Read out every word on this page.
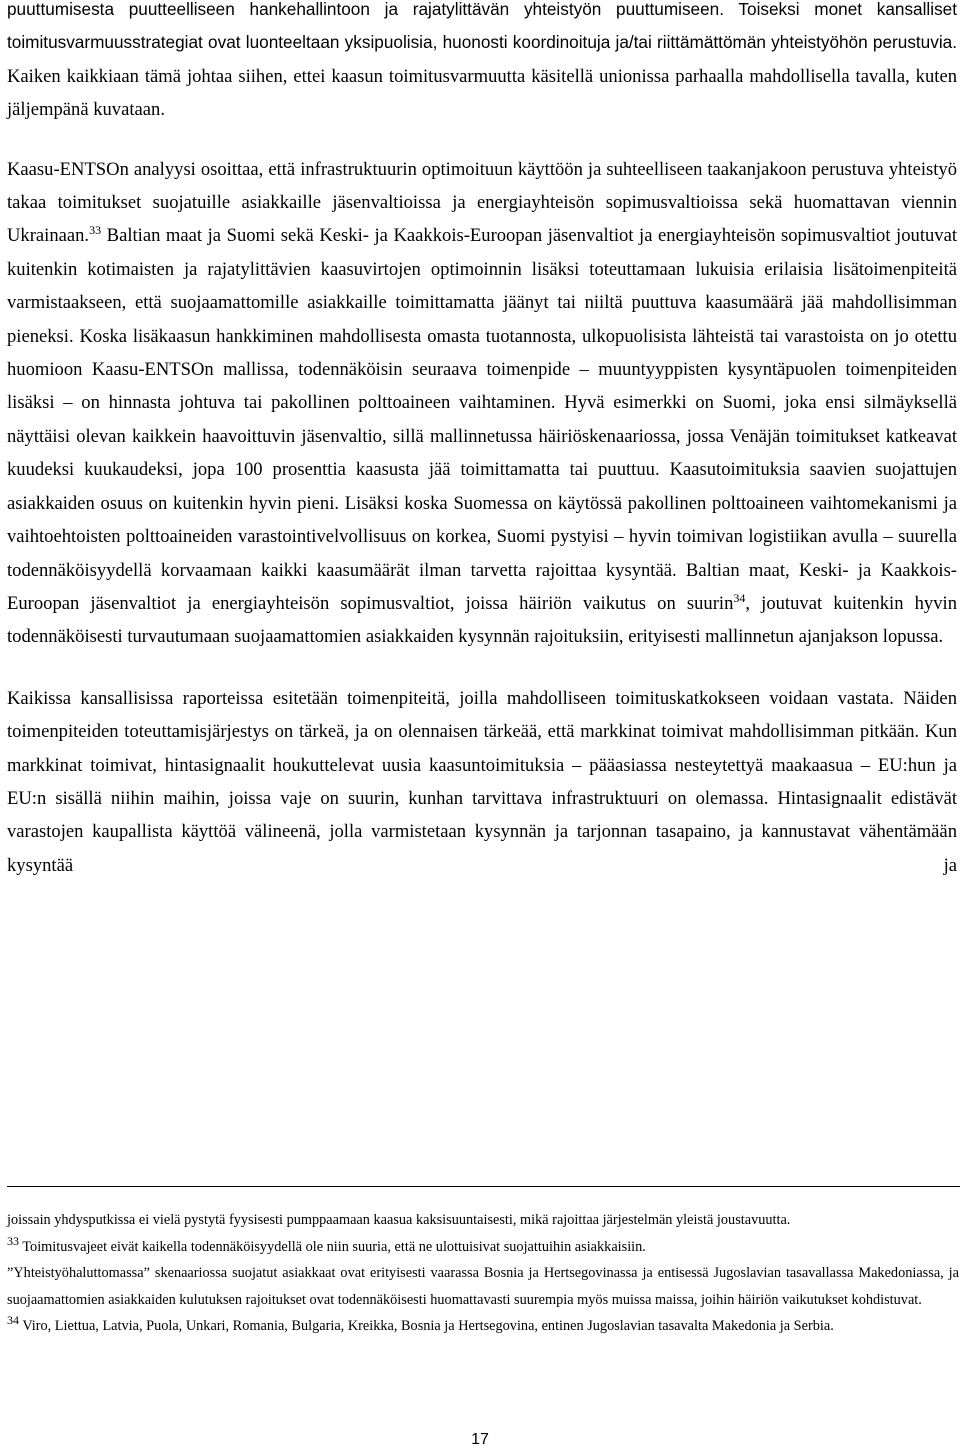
puuttumisesta puutteelliseen hankehallintoon ja rajatylittävän yhteistyön puuttumiseen. Toiseksi monet kansalliset toimitusvarmuusstrategiat ovat luonteeltaan yksipuolisia, huonosti koordinoituja ja/tai riittämättömän yhteistyöhön perustuvia. Kaiken kaikkiaan tämä johtaa siihen, ettei kaasun toimitusvarmuutta käsitellä unionissa parhaalla mahdollisella tavalla, kuten jäljempänä kuvataan.

Kaasu-ENTSOn analyysi osoittaa, että infrastruktuurin optimoituun käyttöön ja suhteelliseen taakanjakoon perustuva yhteistyö takaa toimitukset suojatuille asiakkaille jäsenvaltioissa ja energiayhteisön sopimusvaltioissa sekä huomattavan viennin Ukrainaan.$^{33}$ Baltian maat ja Suomi sekä Keski- ja Kaakkois-Euroopan jäsenvaltiot ja energiayhteisön sopimusvaltiot joutuvat kuitenkin kotimaisten ja rajatylittävien kaasuvirtojen optimoinnin lisäksi toteuttamaan lukuisia erilaisia lisätoimenpiteitä varmistaakseen, että suojaamattomille asiakkaille toimittamatta jäänyt tai niiltä puuttuva kaasumäärä jää mahdollisimman pieneksi. Koska lisäkaasun hankkiminen mahdollisesta omasta tuotannosta, ulkopuolisista lähteistä tai varastoista on jo otettu huomioon Kaasu-ENTSOn mallissa, todennäköisin seuraava toimenpide – muuntyyppisten kysyntäpuolen toimenpiteiden lisäksi – on hinnasta johtuva tai pakollinen polttoaineen vaihtaminen. Hyvä esimerkki on Suomi, joka ensi silmäyksellä näyttäisi olevan kaikkein haavoittuvin jäsenvaltio, sillä mallinnetussa häiriöskenaariossa, jossa Venäjän toimitukset katkeavat kuudeksi kuukaudeksi, jopa 100 prosenttia kaasusta jää toimittamatta tai puuttuu. Kaasutoimituksia saavien suojattujen asiakkaiden osuus on kuitenkin hyvin pieni. Lisäksi koska Suomessa on käytössä pakollinen polttoaineen vaihtomekanismi ja vaihtoehtoisten polttoaineiden varastointivelvollisuus on korkea, Suomi pystyisi – hyvin toimivan logistiikan avulla – suurella todennäköisyydellä korvaamaan kaikki kaasumäärät ilman tarvetta rajoittaa kysyntää. Baltian maat, Keski- ja Kaakkois-Euroopan jäsenvaltiot ja energiayhteisön sopimusvaltiot, joissa häiriön vaikutus on suurin$^{34}$, joutuvat kuitenkin hyvin todennäköisesti turvautumaan suojaamattomien asiakkaiden kysynnän rajoituksiin, erityisesti mallinnetun ajanjakson lopussa.

Kaikissa kansallisissa raporteissa esitetään toimenpiteitä, joilla mahdolliseen toimituskatkokseen voidaan vastata. Näiden toimenpiteiden toteuttamisjärjestys on tärkeä, ja on olennaisen tärkeää, että markkinat toimivat mahdollisimman pitkään. Kun markkinat toimivat, hintasignaalit houkuttelevat uusia kaasuntoimituksia – pääasiassa nesteytettyä maakaasua – EU:hun ja EU:n sisällä niihin maihin, joissa vaje on suurin, kunhan tarvittava infrastruktuuri on olemassa. Hintasignaalit edistävät varastojen kaupallista käyttöä välineenä, jolla varmistetaan kysynnän ja tarjonnan tasapaino, ja kannustavat vähentämään kysyntää ja

joissain yhdysputkissa ei vielä pystytä fyysisesti pumppaamaan kaasua kaksisuuntaisesti, mikä rajoittaa järjestelmän yleistä joustavuutta.

$^{33}$ Toimitusvajeet eivät kaikella todennäköisyydellä ole niin suuria, että ne ulottuisivat suojattuihin asiakkaisiin.

”Yhteistyöhaluttomassa” skenaariossa suojatut asiakkaat ovat erityisesti vaarassa Bosnia ja Hertsegovinassa ja entisessä Jugoslavian tasavallassa Makedoniassa, ja suojaamattomien asiakkaiden kulutuksen rajoitukset ovat todennäköisesti huomattavasti suurempia myös muissa maissa, joihin häiriön vaikutukset kohdistuvat.

$^{34}$ Viro, Liettua, Latvia, Puola, Unkari, Romania, Bulgaria, Kreikka, Bosnia ja Hertsegovina, entinen Jugoslavian tasavalta Makedonia ja Serbia.

17
